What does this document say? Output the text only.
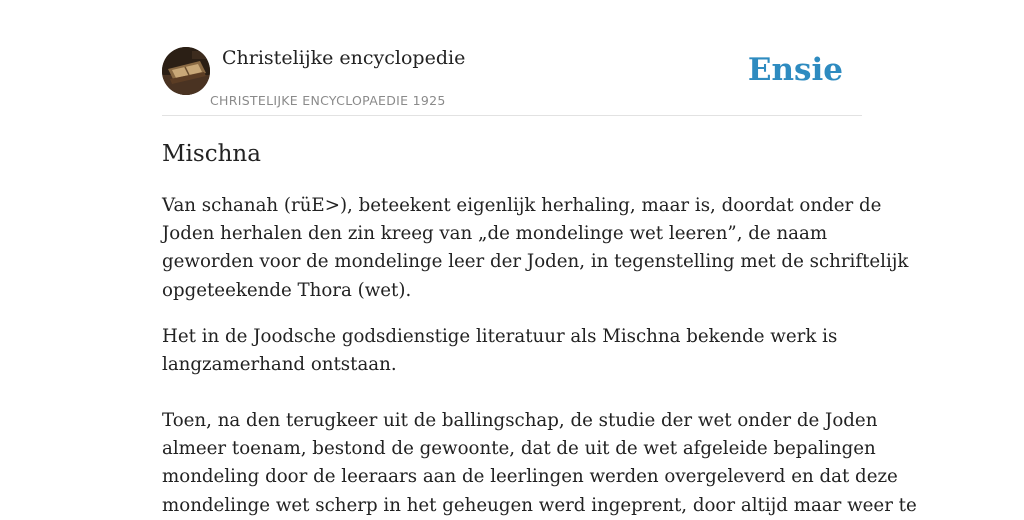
Christelijke encyclopedie
CHRISTELIJKE ENCYCLOPAEDIE 1925
Ensie
Mischna

Van schanah (rüE>), beteekent eigenlijk herhaling, maar is, doordat onder de
Joden herhalen den zin kreeg van „de mondelinge wet leeren”, de naam
geworden voor de mondelinge leer der Joden, in tegenstelling met de schriftelijk
opgeteekende Thora (wet).

Het in de Joodsche godsdienstige literatuur als Mischna bekende werk is
langzamerhand ontstaan.

Toen, na den terugkeer uit de ballingschap, de studie der wet onder de Joden
almeer toenam, bestond de gewoonte, dat de uit de wet afgeleide bepalingen
mondeling door de leeraars aan de leerlingen werden overgeleverd en dat deze
mondelinge wet scherp in het geheugen werd ingeprent, door altijd maar weer te
